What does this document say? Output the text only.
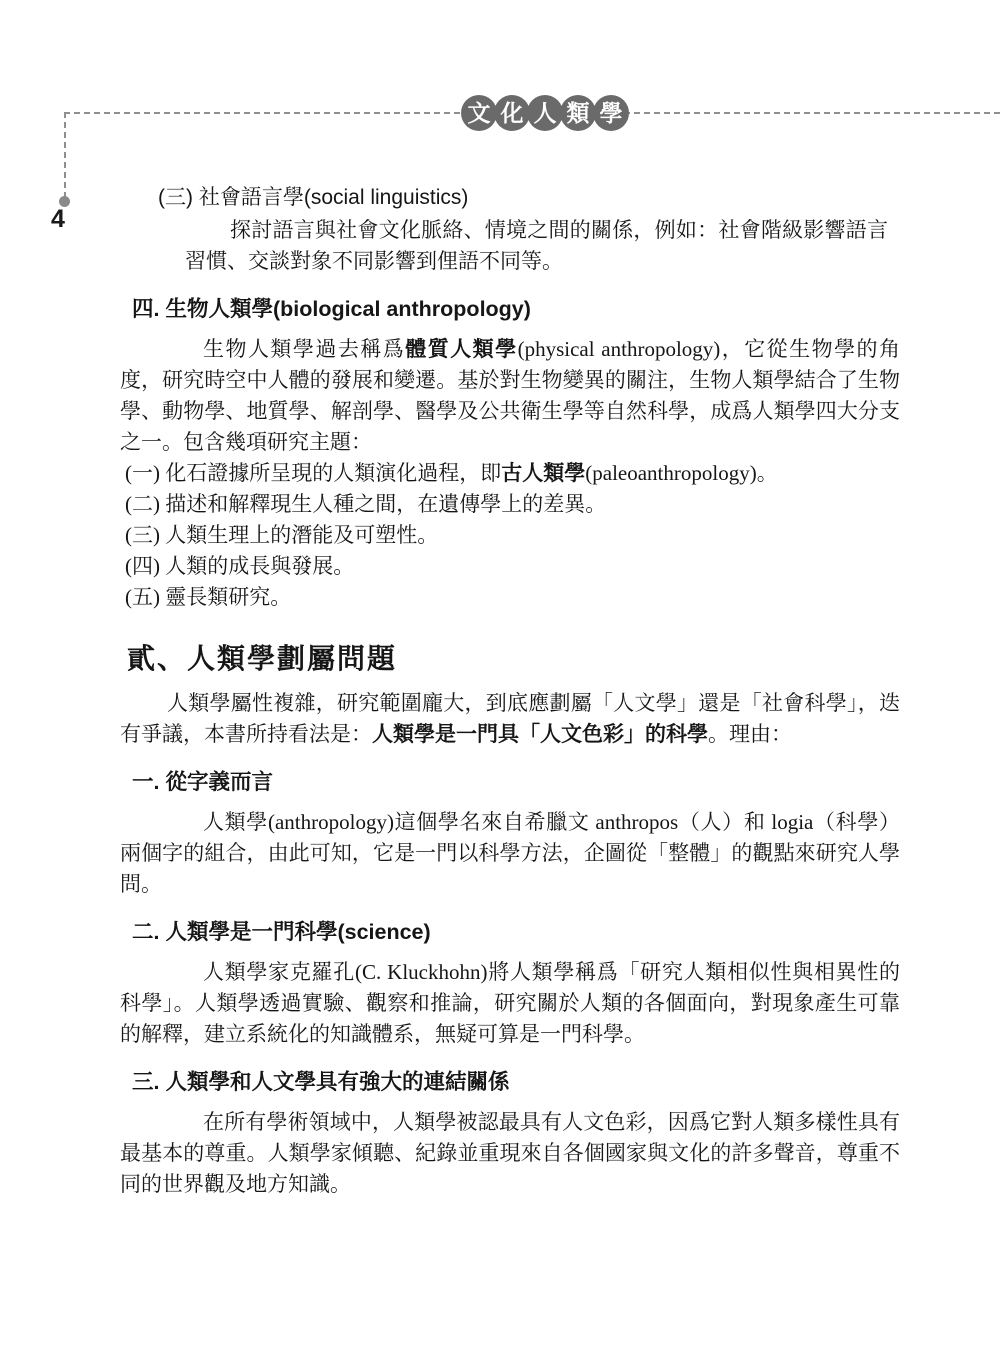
4
文 化 人 類 學
(三) 社會語言學(social linguistics)
探討語言與社會文化脈絡、情境之間的關係，例如：社會階級影響語言習慣、交談對象不同影響到俚語不同等。
四. 生物人類學(biological anthropology)
生物人類學過去稱爲體質人類學(physical anthropology)，它從生物學的角度，研究時空中人體的發展和變遷。基於對生物變異的關注，生物人類學結合了生物學、動物學、地質學、解剖學、醫學及公共衛生學等自然科學，成爲人類學四大分支之一。包含幾項研究主題：
(一) 化石證據所呈現的人類演化過程，即古人類學(paleoanthropology)。
(二) 描述和解釋現生人種之間，在遺傳學上的差異。
(三) 人類生理上的潛能及可塑性。
(四) 人類的成長與發展。
(五) 靈長類研究。
貳、人類學劃屬問題
人類學屬性複雜，研究範圍龐大，到底應劃屬「人文學」還是「社會科學」，迭有爭議，本書所持看法是：人類學是一門具「人文色彩」的科學。理由：
一. 從字義而言
人類學(anthropology)這個學名來自希臘文 anthropos（人）和 logia（科學）兩個字的組合，由此可知，它是一門以科學方法，企圖從「整體」的觀點來研究人學問。
二. 人類學是一門科學(science)
人類學家克羅孔(C. Kluckhohn)將人類學稱爲「研究人類相似性與相異性的科學」。人類學透過實驗、觀察和推論，研究關於人類的各個面向，對現象產生可靠的解釋，建立系統化的知識體系，無疑可算是一門科學。
三. 人類學和人文學具有強大的連結關係
在所有學術領域中，人類學被認最具有人文色彩，因爲它對人類多樣性具有最基本的尊重。人類學家傾聽、紀錄並重現來自各個國家與文化的許多聲音，尊重不同的世界觀及地方知識。
